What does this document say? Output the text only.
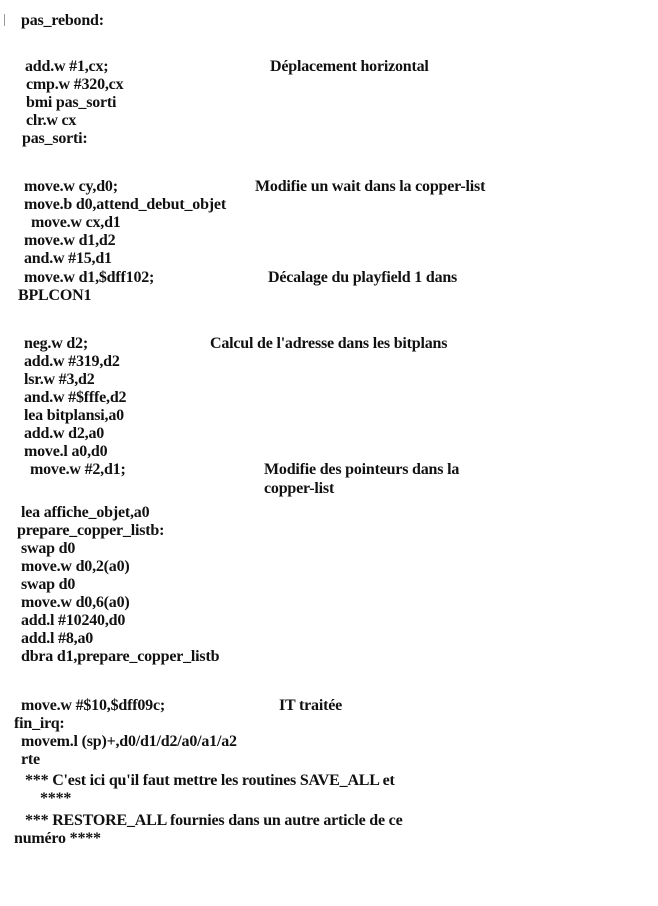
pas_rebond:
add.w #1,cx;	Déplacement horizontal
cmp.w #320,cx
bmi pas_sorti
clr.w cx
pas_sorti:
move.w cy,d0;	Modifie un wait dans la copper-list
move.b d0,attend_debut_objet
move.w cx,d1
move.w d1,d2
and.w #15,d1
move.w d1,$dff102;	Décalage du playfield 1 dans
BPLCON1
neg.w d2;	Calcul de l'adresse dans les bitplans
add.w #319,d2
lsr.w #3,d2
and.w #$fffe,d2
lea bitplansi,a0
add.w d2,a0
move.l a0,d0
move.w #2,d1;	Modifie des pointeurs dans la
copper-list
lea affiche_objet,a0
prepare_copper_listb:
swap d0
move.w d0,2(a0)
swap d0
move.w d0,6(a0)
add.l #10240,d0
add.l #8,a0
dbra d1,prepare_copper_listb
move.w #$10,$dff09c;	IT traitée
fin_irq:
movem.l (sp)+,d0/d1/d2/a0/a1/a2
rte
*** C'est ici qu'il faut mettre les routines SAVE_ALL et
****
*** RESTORE_ALL fournies dans un autre article de ce
numéro ****
